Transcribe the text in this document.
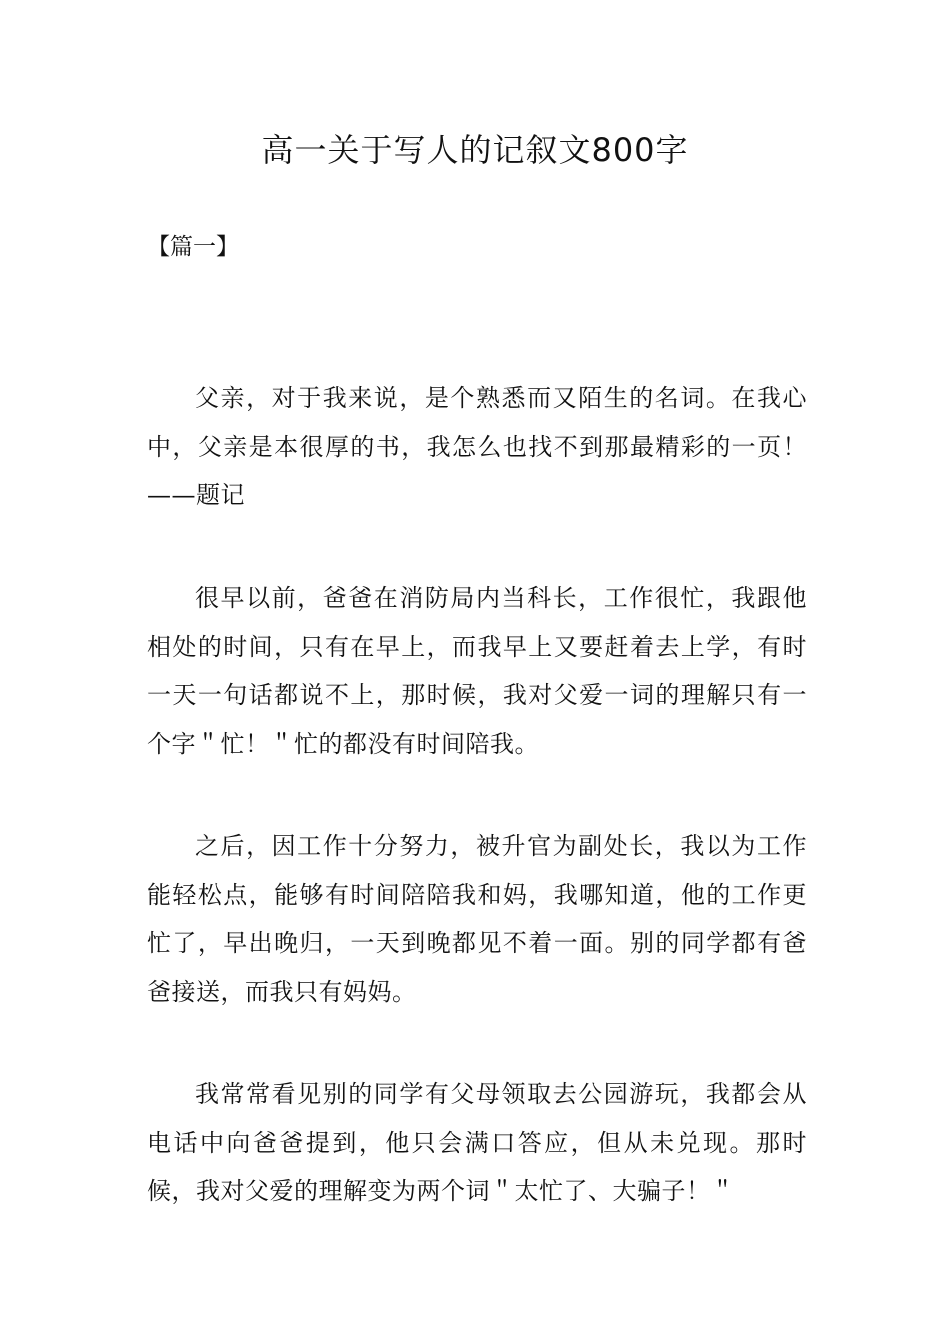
高一关于写人的记叙文800字
【篇一】

父亲，对于我来说，是个熟悉而又陌生的名词。在我心中，父亲是本很厚的书，我怎么也找不到那最精彩的一页！——题记

很早以前，爸爸在消防局内当科长，工作很忙，我跟他相处的时间，只有在早上，而我早上又要赶着去上学，有时一天一句话都说不上，那时候，我对父爱一词的理解只有一个字＂忙！＂忙的都没有时间陪我。

之后，因工作十分努力，被升官为副处长，我以为工作能轻松点，能够有时间陪陪我和妈，我哪知道，他的工作更忙了，早出晚归，一天到晚都见不着一面。别的同学都有爸爸接送，而我只有妈妈。

我常常看见别的同学有父母领取去公园游玩，我都会从电话中向爸爸提到，他只会满口答应，但从未兑现。那时候，我对父爱的理解变为两个词＂太忙了、大骗子！＂
